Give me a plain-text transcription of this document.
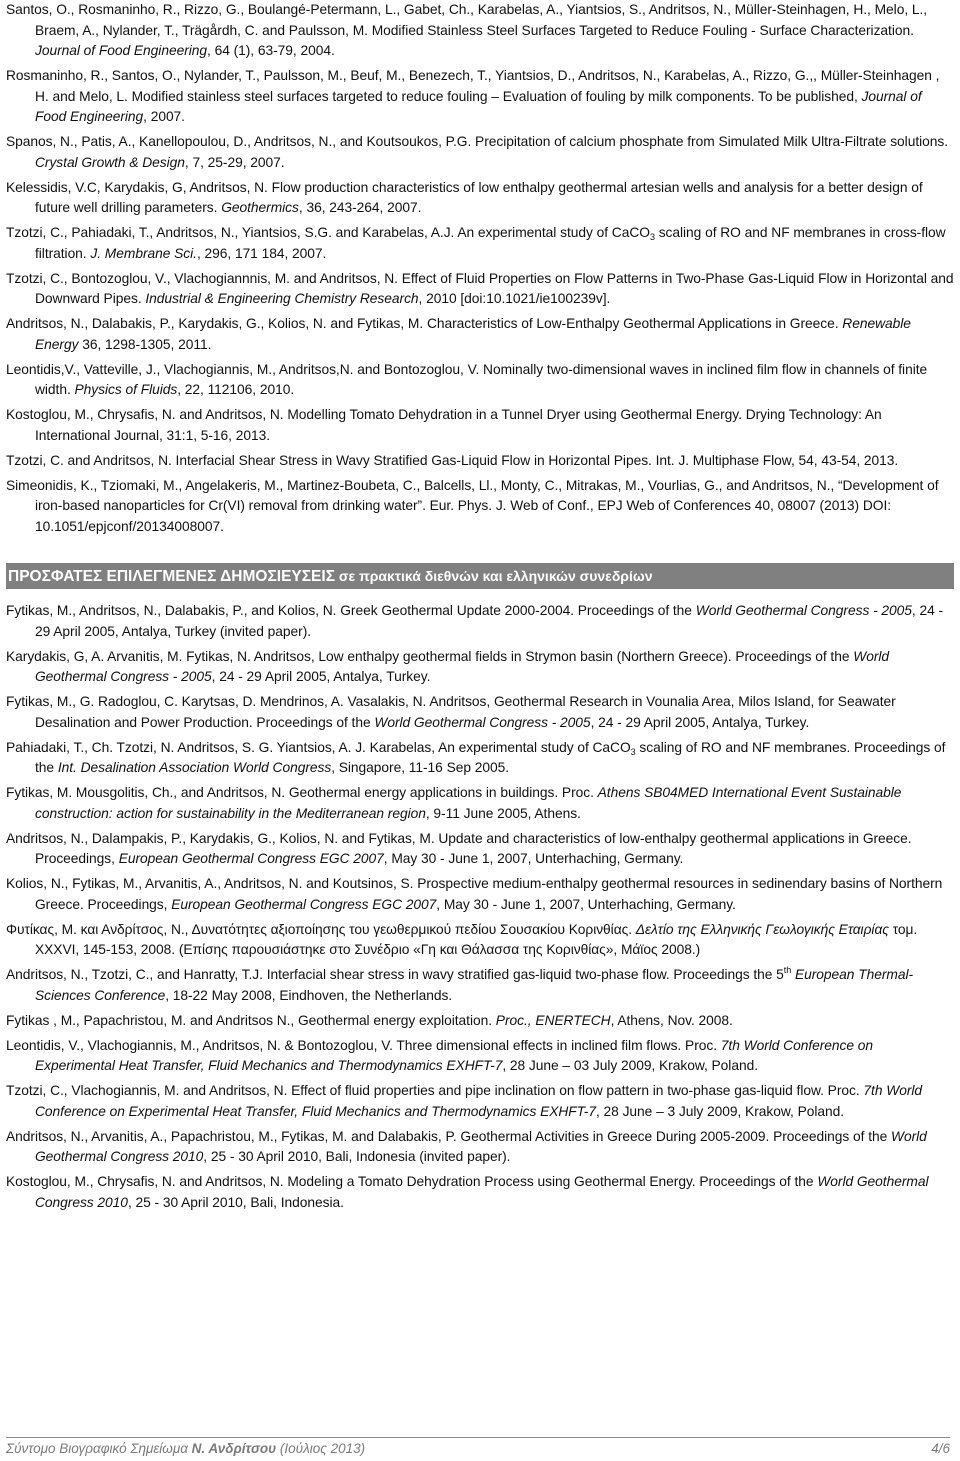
Santos, O., Rosmaninho, R., Rizzo, G., Boulangé-Petermann, L., Gabet, Ch., Karabelas, A., Yiantsios, S., Andritsos, N., Müller-Steinhagen, H., Melo, L., Braem, A., Nylander, T., Trägårdh, C. and Paulsson, M. Modified Stainless Steel Surfaces Targeted to Reduce Fouling - Surface Characterization. Journal of Food Engineering, 64 (1), 63-79, 2004.

Rosmaninho, R., Santos, O., Nylander, T., Paulsson, M., Beuf, M., Benezech, T., Yiantsios, D., Andritsos, N., Karabelas, A., Rizzo, G.,, Müller-Steinhagen , H. and Melo, L. Modified stainless steel surfaces targeted to reduce fouling – Evaluation of fouling by milk components. To be published, Journal of Food Engineering, 2007.

Spanos, N., Patis, A., Kanellopoulou, D., Andritsos, N., and Koutsoukos, P.G. Precipitation of calcium phosphate from Simulated Milk Ultra-Filtrate solutions. Crystal Growth & Design, 7, 25-29, 2007.

Kelessidis, V.C, Karydakis, G, Andritsos, N. Flow production characteristics of low enthalpy geothermal artesian wells and analysis for a better design of future well drilling parameters. Geothermics, 36, 243-264, 2007.

Tzotzi, C., Pahiadaki, T., Andritsos, N., Yiantsios, S.G. and Karabelas, A.J. An experimental study of CaCO$_3$ scaling of RO and NF membranes in cross-flow filtration. J. Membrane Sci., 296, 171 184, 2007.

Tzotzi, C., Bontozoglou, V., Vlachogiannnis, M. and Andritsos, N. Effect of Fluid Properties on Flow Patterns in Two-Phase Gas-Liquid Flow in Horizontal and Downward Pipes. Industrial & Engineering Chemistry Research, 2010 [doi:10.1021/ie100239v].

Andritsos, N., Dalabakis, P., Karydakis, G., Kolios, N. and Fytikas, M. Characteristics of Low-Enthalpy Geothermal Applications in Greece. Renewable Energy 36, 1298-1305, 2011.

Leontidis,V., Vatteville, J., Vlachogiannis, M., Andritsos,N. and Bontozoglou, V. Nominally two-dimensional waves in inclined film flow in channels of finite width. Physics of Fluids, 22, 112106, 2010.

Kostoglou, M., Chrysafis, N. and Andritsos, N. Modelling Tomato Dehydration in a Tunnel Dryer using Geothermal Energy. Drying Technology: An International Journal, 31:1, 5-16, 2013.

Tzotzi, C. and Andritsos, N. Interfacial Shear Stress in Wavy Stratified Gas-Liquid Flow in Horizontal Pipes. Int. J. Multiphase Flow, 54, 43-54, 2013.

Simeonidis, K., Tziomaki, M., Angelakeris, M., Martinez-Boubeta, C., Balcells, Ll., Monty, C., Mitrakas, M., Vourlias, G., and Andritsos, N., “Development of iron-based nanoparticles for Cr(VI) removal from drinking water”. Eur. Phys. J. Web of Conf., EPJ Web of Conferences 40, 08007 (2013) DOI: 10.1051/epjconf/20134008007.

ΠΡΟΣΦΑΤΕΣ ΕΠΙΛΕΓΜΕΝΕΣ ΔΗΜΟΣΙΕΥΣΕΙΣ σε πρακτικά διεθνών και ελληνικών συνεδρίων

Fytikas, M., Andritsos, N., Dalabakis, P., and Kolios, N. Greek Geothermal Update 2000-2004. Proceedings of the World Geothermal Congress - 2005, 24 - 29 April 2005, Antalya, Turkey (invited paper).

Karydakis, G, A. Arvanitis, M. Fytikas, N. Andritsos, Low enthalpy geothermal fields in Strymon basin (Northern Greece). Proceedings of the World Geothermal Congress - 2005, 24 - 29 April 2005, Antalya, Turkey.

Fytikas, M., G. Radoglou, C. Karytsas, D. Mendrinos, A. Vasalakis, N. Andritsos, Geothermal Research in Vounalia Area, Milos Island, for Seawater Desalination and Power Production. Proceedings of the World Geothermal Congress - 2005, 24 - 29 April 2005, Antalya, Turkey.

Pahiadaki, T., Ch. Tzotzi, N. Andritsos, S. G. Yiantsios, A. J. Karabelas, An experimental study of CaCO$_3$ scaling of RO and NF membranes. Proceedings of the Int. Desalination Association World Congress, Singapore, 11-16 Sep 2005.

Fytikas, M. Mousgolitis, Ch., and Andritsos, N. Geothermal energy applications in buildings. Proc. Athens SB04MED International Event Sustainable construction: action for sustainability in the Mediterranean region, 9-11 June 2005, Athens.

Andritsos, N., Dalampakis, P., Karydakis, G., Kolios, N. and Fytikas, M. Update and characteristics of low-enthalpy geothermal applications in Greece. Proceedings, European Geothermal Congress EGC 2007, May 30 - June 1, 2007, Unterhaching, Germany.

Kolios, N., Fytikas, M., Arvanitis, A., Andritsos, N. and Koutsinos, S. Prospective medium-enthalpy geothermal resources in sedinendary basins of Northern Greece. Proceedings, European Geothermal Congress EGC 2007, May 30 - June 1, 2007, Unterhaching, Germany.

Φυτίκας, Μ. και Ανδρίτσος, Ν., Δυνατότητες αξιοποίησης του γεωθερμικού πεδίου Σουσακίου Κορινθίας. Δελτίο της Ελληνικής Γεωλογικής Εταιρίας τομ. XXXVI, 145-153, 2008. (Επίσης παρουσιάστηκε στο Συνέδριο «Γη και Θάλασσα της Κορινθίας», Μάϊος 2008.)

Andritsos, N., Tzotzi, C., and Hanratty, T.J. Interfacial shear stress in wavy stratified gas-liquid two-phase flow. Proceedings the 5th European Thermal-Sciences Conference, 18-22 May 2008, Eindhoven, the Netherlands.

Fytikas , M., Papachristou, M. and Andritsos N., Geothermal energy exploitation. Proc., ENERTECH, Athens, Nov. 2008.

Leontidis, V., Vlachogiannis, M., Andritsos, N. & Bontozoglou, V. Three dimensional effects in inclined film flows. Proc. 7th World Conference on Experimental Heat Transfer, Fluid Mechanics and Thermodynamics EXHFT-7, 28 June – 03 July 2009, Krakow, Poland.

Tzotzi, C., Vlachogiannis, M. and Andritsos, N. Effect of fluid properties and pipe inclination on flow pattern in two-phase gas-liquid flow. Proc. 7th World Conference on Experimental Heat Transfer, Fluid Mechanics and Thermodynamics EXHFT-7, 28 June – 3 July 2009, Krakow, Poland.

Andritsos, N., Arvanitis, A., Papachristou, M., Fytikas, M. and Dalabakis, P. Geothermal Activities in Greece During 2005-2009. Proceedings of the World Geothermal Congress 2010, 25 - 30 April 2010, Bali, Indonesia (invited paper).

Kostoglou, M., Chrysafis, N. and Andritsos, N. Modeling a Tomato Dehydration Process using Geothermal Energy. Proceedings of the World Geothermal Congress 2010, 25 - 30 April 2010, Bali, Indonesia.

Σύντομο Βιογραφικό Σημείωμα Ν. Ανδρίτσου (Ιούλιος 2013)	4/6
